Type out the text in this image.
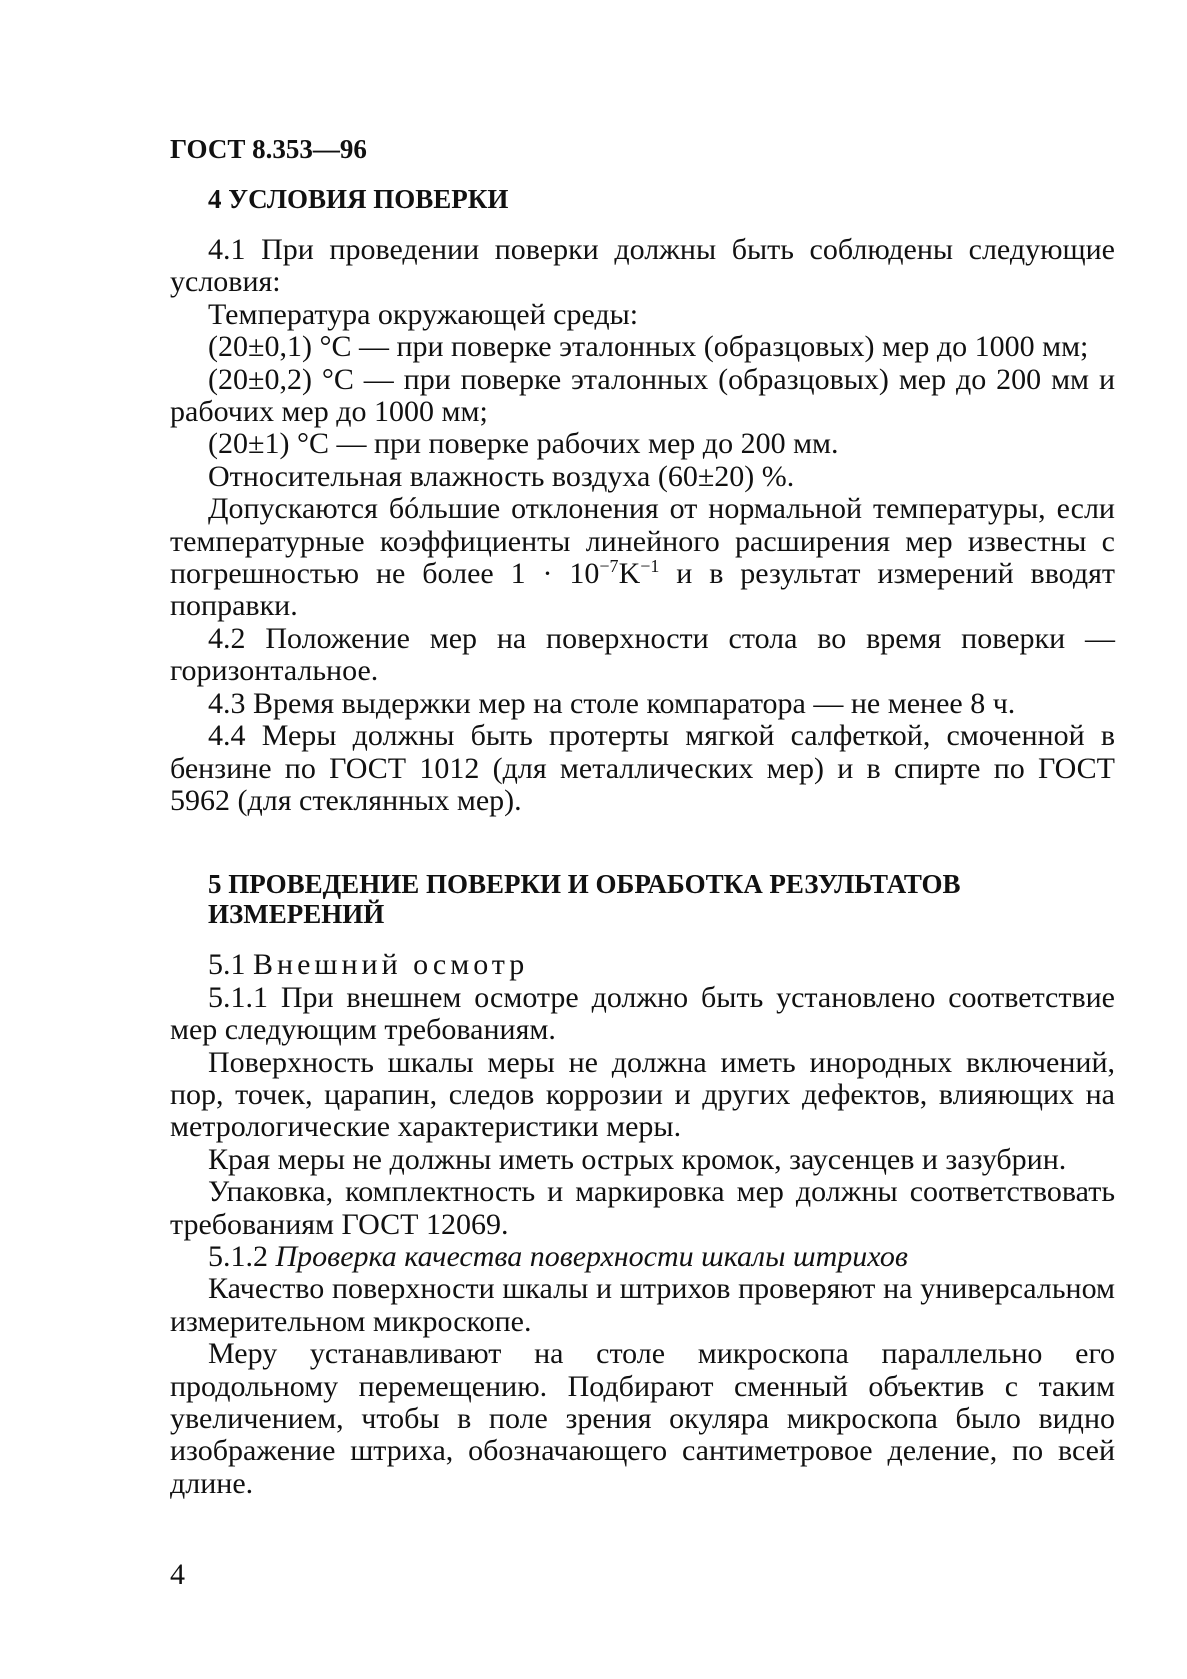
ГОСТ 8.353—96
4 УСЛОВИЯ ПОВЕРКИ

4.1 При проведении поверки должны быть соблюдены следующие условия:

Температура окружающей среды:

(20±0,1) °С — при поверке эталонных (образцовых) мер до 1000 мм;

(20±0,2) °С — при поверке эталонных (образцовых) мер до 200 мм и рабочих мер до 1000 мм;

(20±1) °С — при поверке рабочих мер до 200 мм.

Относительная влажность воздуха (60±20) %.

Допускаются бóльшие отклонения от нормальной температуры, если температурные коэффициенты линейного расширения мер известны с погрешностью не более $1 \cdot 10^{-7}K^{-1}$ и в результат измерений вводят поправки.

4.2 Положение мер на поверхности стола во время поверки — горизонтальное.

4.3 Время выдержки мер на столе компаратора — не менее 8 ч.

4.4 Меры должны быть протерты мягкой салфеткой, смоченной в бензине по ГОСТ 1012 (для металлических мер) и в спирте по ГОСТ 5962 (для стеклянных мер).

5 ПРОВЕДЕНИЕ ПОВЕРКИ И ОБРАБОТКА РЕЗУЛЬТАТОВ ИЗМЕРЕНИЙ

5.1 Внешний осмотр

5.1.1 При внешнем осмотре должно быть установлено соответствие мер следующим требованиям.

Поверхность шкалы меры не должна иметь инородных включений, пор, точек, царапин, следов коррозии и других дефектов, влияющих на метрологические характеристики меры.

Края меры не должны иметь острых кромок, заусенцев и зазубрин.

Упаковка, комплектность и маркировка мер должны соответствовать требованиям ГОСТ 12069.

5.1.2 Проверка качества поверхности шкалы штрихов

Качество поверхности шкалы и штрихов проверяют на универсальном измерительном микроскопе.

Меру устанавливают на столе микроскопа параллельно его продольному перемещению. Подбирают сменный объектив с таким увеличением, чтобы в поле зрения окуляра микроскопа было видно изображение штриха, обозначающего сантиметровое деление, по всей длине.

4
